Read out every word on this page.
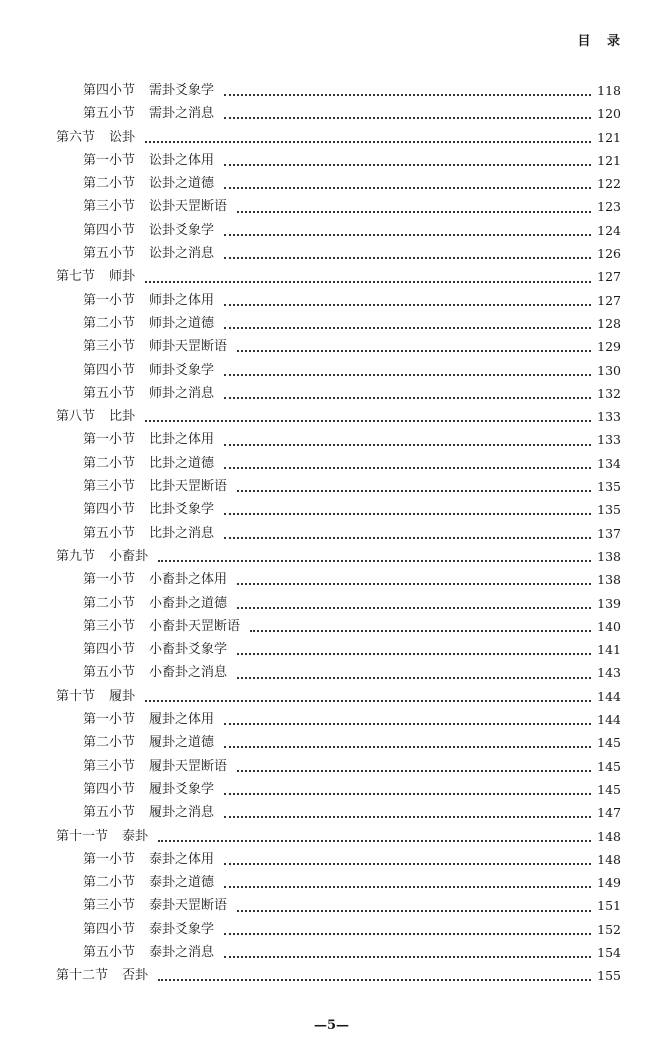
目 录
第四小节 需卦爻象学	118
第五小节 需卦之消息	120
第六节 讼卦	121
第一小节 讼卦之体用	121
第二小节 讼卦之道德	122
第三小节 讼卦天罡断语	123
第四小节 讼卦爻象学	124
第五小节 讼卦之消息	126
第七节 师卦	127
第一小节 师卦之体用	127
第二小节 师卦之道德	128
第三小节 师卦天罡断语	129
第四小节 师卦爻象学	130
第五小节 师卦之消息	132
第八节 比卦	133
第一小节 比卦之体用	133
第二小节 比卦之道德	134
第三小节 比卦天罡断语	135
第四小节 比卦爻象学	135
第五小节 比卦之消息	137
第九节 小畜卦	138
第一小节 小畜卦之体用	138
第二小节 小畜卦之道德	139
第三小节 小畜卦天罡断语	140
第四小节 小畜卦爻象学	141
第五小节 小畜卦之消息	143
第十节 履卦	144
第一小节 履卦之体用	144
第二小节 履卦之道德	145
第三小节 履卦天罡断语	145
第四小节 履卦爻象学	145
第五小节 履卦之消息	147
第十一节 泰卦	148
第一小节 泰卦之体用	148
第二小节 泰卦之道德	149
第三小节 泰卦天罡断语	151
第四小节 泰卦爻象学	152
第五小节 泰卦之消息	154
第十二节 否卦	155
—5—
